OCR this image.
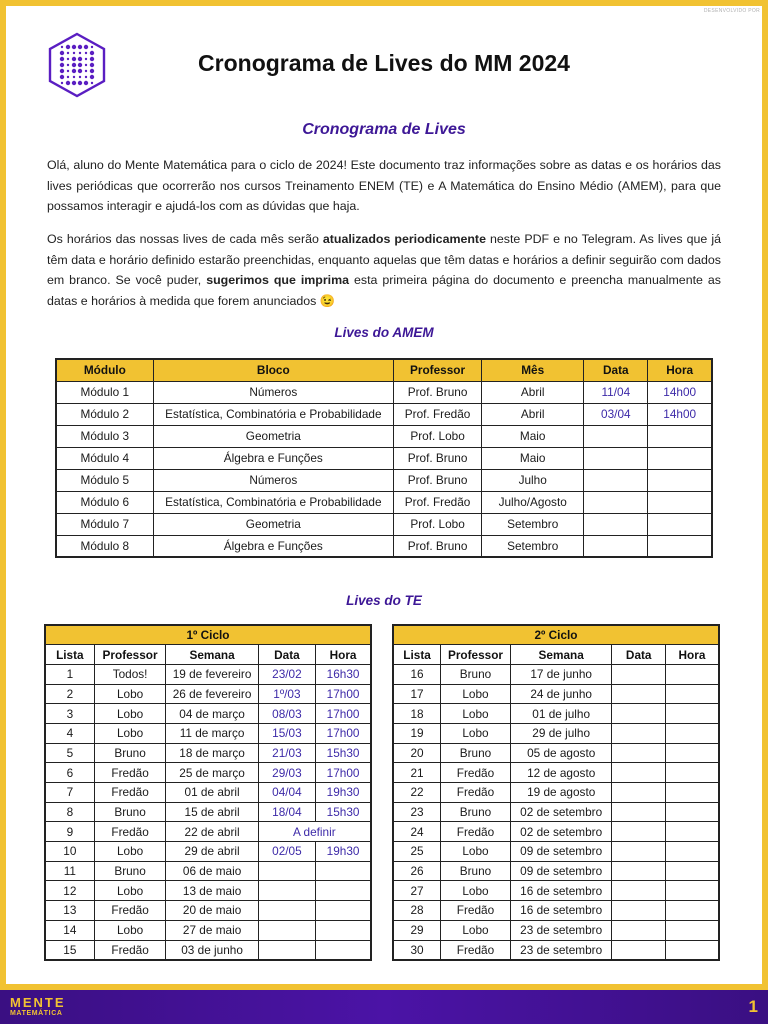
DESENVOLVIDO POR
Cronograma de Lives do MM 2024
Cronograma de Lives

Olá, aluno do Mente Matemática para o ciclo de 2024! Este documento traz informações sobre as datas e os horários das lives periódicas que ocorrerão nos cursos Treinamento ENEM (TE) e A Matemática do Ensino Médio (AMEM), para que possamos interagir e ajudá-los com as dúvidas que haja.

Os horários das nossas lives de cada mês serão atualizados periodicamente neste PDF e no Telegram. As lives que já têm data e horário definido estarão preenchidas, enquanto aquelas que têm datas e horários a definir seguirão com dados em branco. Se você puder, sugerimos que imprima esta primeira página do documento e preencha manualmente as datas e horários à medida que forem anunciados 😉

Lives do AMEM
Módulo	Bloco	Professor	Mês	Data	Hora
Módulo 1	Números	Prof. Bruno	Abril	11/04	14h00
Módulo 2	Estatística, Combinatória e Probabilidade	Prof. Fredão	Abril	03/04	14h00
Módulo 3	Geometria	Prof. Lobo	Maio		
Módulo 4	Álgebra e Funções	Prof. Bruno	Maio		
Módulo 5	Números	Prof. Bruno	Julho		
Módulo 6	Estatística, Combinatória e Probabilidade	Prof. Fredão	Julho/Agosto		
Módulo 7	Geometria	Prof. Lobo	Setembro		
Módulo 8	Álgebra e Funções	Prof. Bruno	Setembro		
Lives do TE
1º Ciclo				
Lista	Professor	Semana	Data	Hora
1	Todos!	19 de fevereiro	23/02	16h30
2	Lobo	26 de fevereiro	1º/03	17h00
3	Lobo	04 de março	08/03	17h00
4	Lobo	11 de março	15/03	17h00
5	Bruno	18 de março	21/03	15h30
6	Fredão	25 de março	29/03	17h00
7	Fredão	01 de abril	04/04	19h30
8	Bruno	15 de abril	18/04	15h30
9	Fredão	22 de abril	A definir	
10	Lobo	29 de abril	02/05	19h30
11	Bruno	06 de maio		
12	Lobo	13 de maio		
13	Fredão	20 de maio		
14	Lobo	27 de maio		
15	Fredão	03 de junho		
2º Ciclo				
Lista	Professor	Semana	Data	Hora
16	Bruno	17 de junho		
17	Lobo	24 de junho		
18	Lobo	01 de julho		
19	Lobo	29 de julho		
20	Bruno	05 de agosto		
21	Fredão	12 de agosto		
22	Fredão	19 de agosto		
23	Bruno	02 de setembro		
24	Fredão	02 de setembro		
25	Lobo	09 de setembro		
26	Bruno	09 de setembro		
27	Lobo	16 de setembro		
28	Fredão	16 de setembro		
29	Lobo	23 de setembro		
30	Fredão	23 de setembro		
MENTE
MATEMÁTICA	1
